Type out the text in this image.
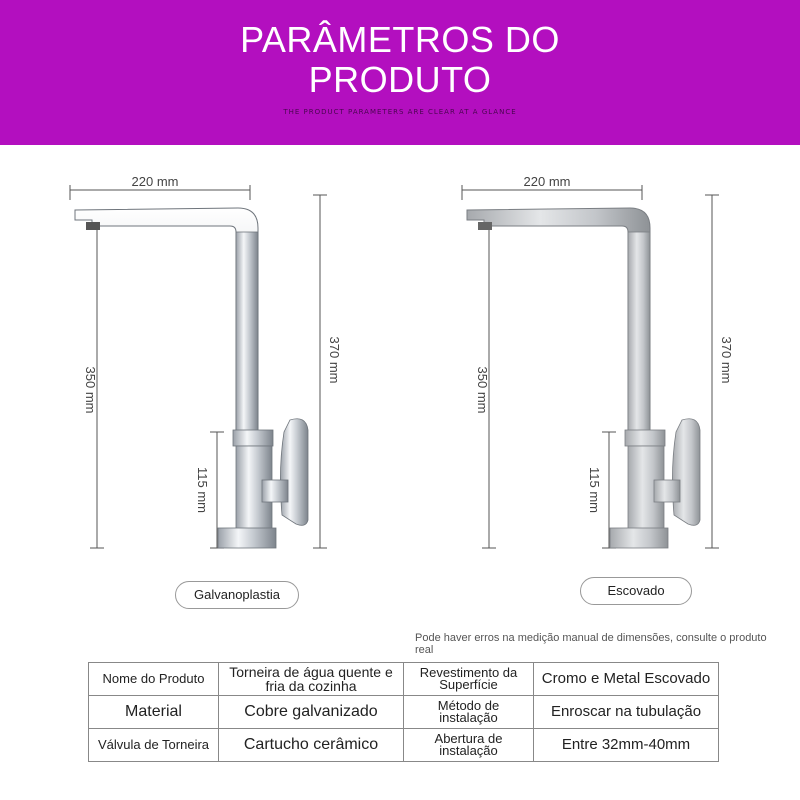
PARÂMETROS DO
PRODUTO
THE PRODUCT PARAMETERS ARE CLEAR AT A GLANCE
220 mm
350 mm
370 mm
115 mm
220 mm
350 mm
370 mm
115 mm
Galvanoplastia	Escovado
Pode haver erros na medição manual de dimensões, consulte o produto real
Nome do Produto	Torneira de água quente e fria da cozinha	Revestimento da Superfície	Cromo e Metal Escovado
Material	Cobre galvanizado	Método de instalação	Enroscar na tubulação
Válvula de Torneira	Cartucho cerâmico	Abertura de instalação	Entre 32mm-40mm
